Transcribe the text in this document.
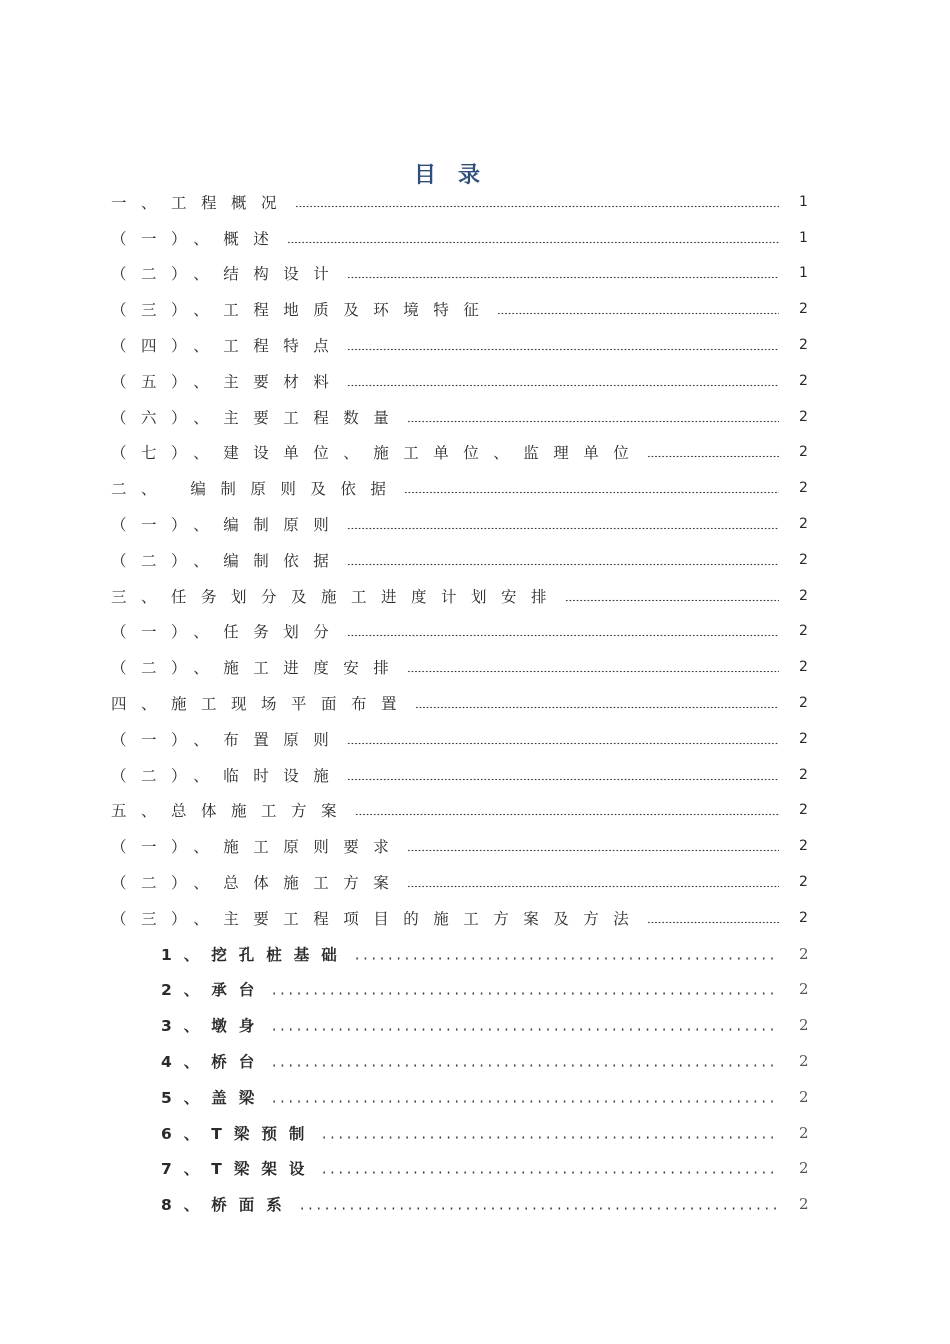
目录
一、工程概况	1
（一）、概述	1
（二）、结构设计	1
（三）、工程地质及环境特征	2
（四）、工程特点	2
（五）、主要材料	2
（六）、主要工程数量	2
（七）、建设单位、施工单位、监理单位	2
二、 编制原则及依据	2
（一）、编制原则	2
（二）、编制依据	2
三、任务划分及施工进度计划安排	2
（一）、任务划分	2
（二）、施工进度安排	2
四、施工现场平面布置	2
（一）、布置原则	2
（二）、临时设施	2
五、总体施工方案	2
（一）、施工原则要求	2
（二）、总体施工方案	2
（三）、主要工程项目的施工方案及方法	2
1、挖孔桩基础	2
2、承台	2
3、墩身	2
4、桥台	2
5、盖梁	2
6、T梁预制	2
7、T梁架设	2
8、桥面系	2
